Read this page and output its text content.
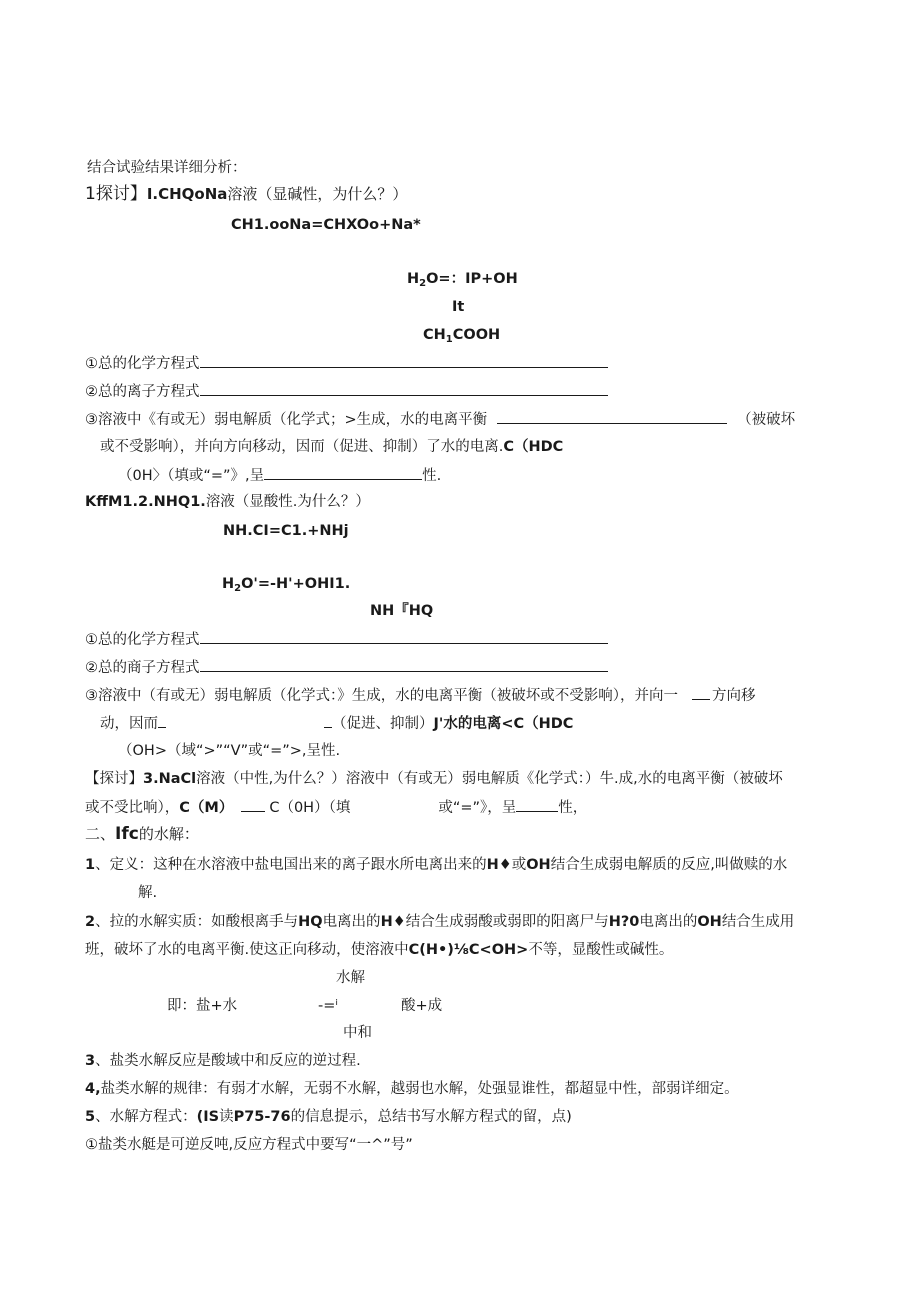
结合试验结果详细分析：
1探讨】I.CHQoNa溶液（显碱性，为什么？）
CH1.ooNa=CHXOo+Na*
$H_2O=$：IP+OH
It
$CH_1COOH$
①总的化学方程式
②总的离子方程式
③溶液中《有或无）弱电解质（化学式；>生成，水的电离平衡	（被破坏
或不受影响），并向方向移动，因而（促进、抑制）了水的电离.C（HDC
（0H〉（填或“=”》,呈	性.
KffM1.2.NHQ1.溶液（显酸性.为什么？）
NH.CI=C1.+NHj
$H_2O'=-H'+OHI1$.
NH『HQ
①总的化学方程式
②总的商子方程式
③溶液中（有或无）弱电解质（化学式：》生成，水的电离平衡（被破坏或不受影响），并向一 方向移
动，因而	（促进、抑制）J'水的电离<C（HDC
（OH>（域“>”“V”或“=”>,呈性.
【探讨】3.NaCl溶液（中性,为什么？）溶液中（有或无）弱电解质《化学式：）牛.成,水的电离平衡（被破坏
或不受比响），C（M） C（0H）（填	或“=”》，呈	性，
二、Ifc的水解：
1、定义：这种在水溶液中盐电国出来的离子跟水所电离出来的H♦或OH结合生成弱电解质的反应,叫做赎的水
解.
2、拉的水解实质：如酸根离手与HQ电离出的H♦结合生成弱酸或弱即的阳离尸与H?0电离出的OH结合生成用
班，破坏了水的电离平衡.使这正向移动，使溶液中C(H•)⅛C<OH>不等，显酸性或碱性。
水解
即：盐+水	-=ⁱ	酸+成
中和
3、盐类水解反应是酸域中和反应的逆过程.
4,盐类水解的规律：有弱才水解，无弱不水解，越弱也水解，处强显谁性，都超显中性，部弱详细定。
5、水解方程式：(IS读P75-76的信息提示，总结书写水解方程式的留，点)
①盐类水艇是可逆反吨,反应方程式中要写“一^”号”
